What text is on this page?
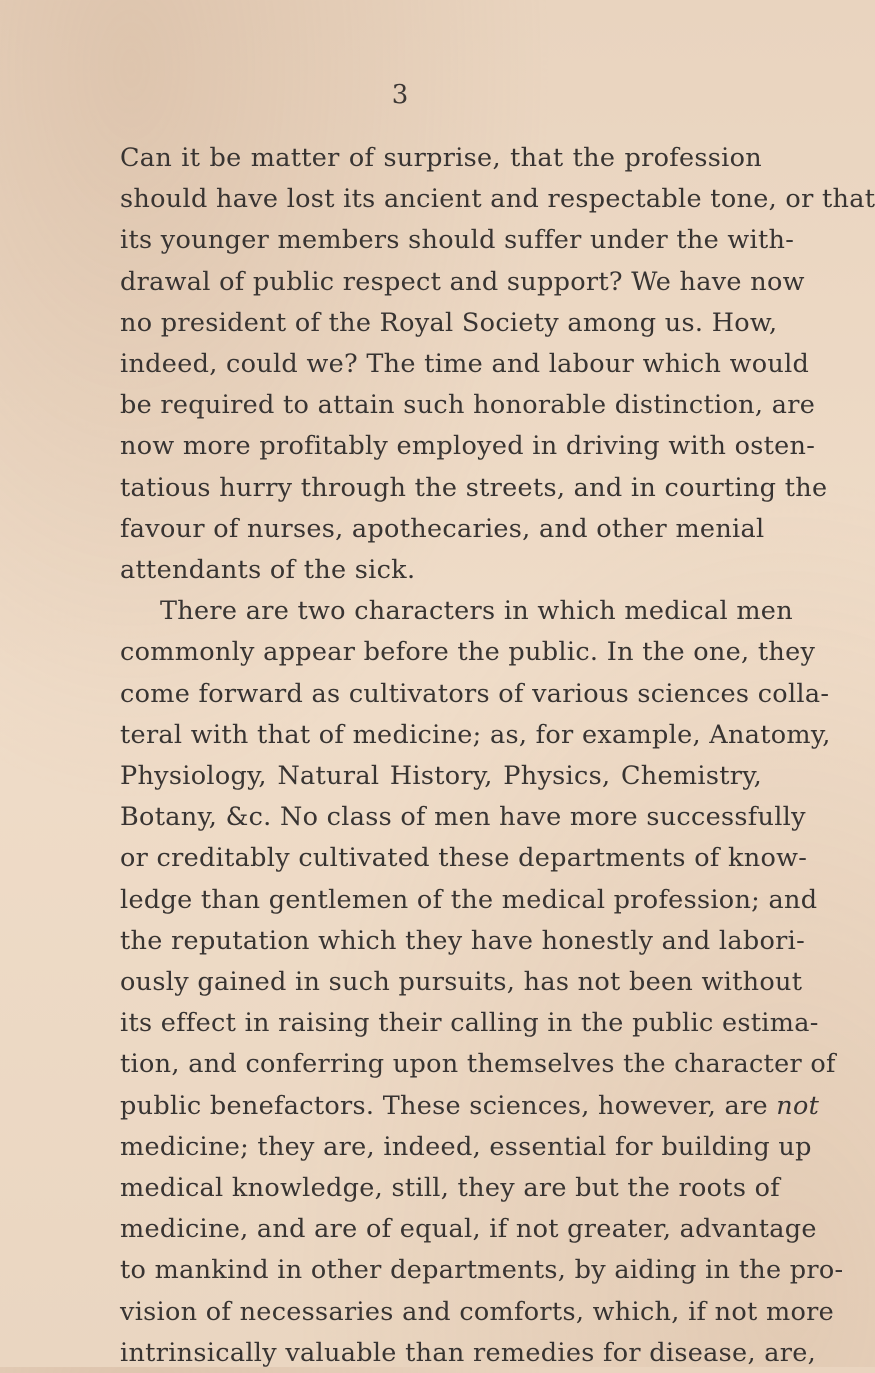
3
Can it be matter of surprise, that the profession
should have lost its ancient and respectable tone, or that
its younger members should suffer under the with-
drawal of public respect and support? We have now
no president of the Royal Society among us. How,
indeed, could we? The time and labour which would
be required to attain such honorable distinction, are
now more profitably employed in driving with osten-
tatious hurry through the streets, and in courting the
favour of nurses, apothecaries, and other menial
attendants of the sick.
There are two characters in which medical men
commonly appear before the public. In the one, they
come forward as cultivators of various sciences colla-
teral with that of medicine; as, for example, Anatomy,
Physiology, Natural History, Physics, Chemistry,
Botany, &c. No class of men have more successfully
or creditably cultivated these departments of know-
ledge than gentlemen of the medical profession; and
the reputation which they have honestly and labori-
ously gained in such pursuits, has not been without
its effect in raising their calling in the public estima-
tion, and conferring upon themselves the character of
public benefactors. These sciences, however, are not
medicine; they are, indeed, essential for building up
medical knowledge, still, they are but the roots of
medicine, and are of equal, if not greater, advantage
to mankind in other departments, by aiding in the pro-
vision of necessaries and comforts, which, if not more
intrinsically valuable than remedies for disease, are,
